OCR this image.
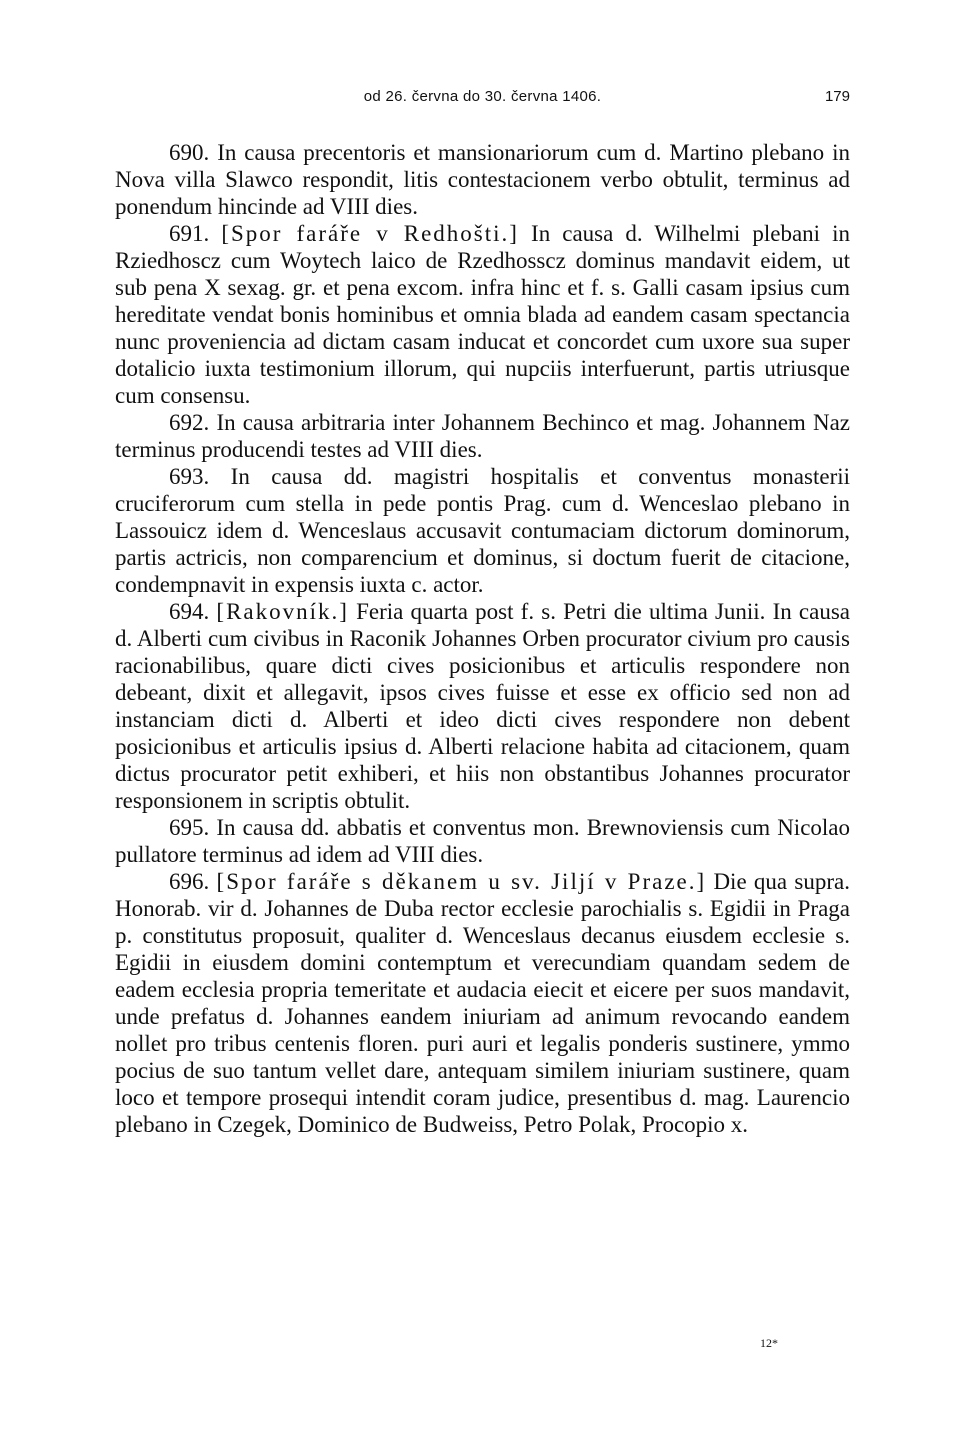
od 26. června do 30. června 1406.	179

690. In causa precentoris et mansionariorum cum d. Martino plebano in Nova villa Slawco respondit, litis contestacionem verbo obtulit, terminus ad ponendum hincinde ad VIII dies.

691. [Spor faráře v Redhošti.] In causa d. Wilhelmi plebani in Rziedhoscz cum Woytech laico de Rzedhossсz dominus mandavit eidem, ut sub pena X sexag. gr. et pena excom. infra hinc et f. s. Galli casam ipsius cum hereditate vendat bonis hominibus et omnia blada ad eandem casam spectancia nunc proveniencia ad dictam casam inducat et concordet cum uxore sua super dotalicio iuxta testimonium illorum, qui nupciis interfuerunt, partis utriusque cum consensu.

692. In causa arbitraria inter Johannem Bechinco et mag. Johannem Naz terminus producendi testes ad VIII dies.

693. In causa dd. magistri hospitalis et conventus monasterii cruciferorum cum stella in pede pontis Prag. cum d. Wenceslao plebano in Lassouicz idem d. Wenceslaus accusavit contumaciam dictorum dominorum, partis actricis, non comparencium et dominus, si doctum fuerit de citacione, condempnavit in expensis iuxta c. actor.

694. [Rakovník.] Feria quarta post f. s. Petri die ultima Junii. In causa d. Alberti cum civibus in Raconik Johannes Orben procurator civium pro causis racionabilibus, quare dicti cives posicionibus et articulis respondere non debeant, dixit et allegavit, ipsos cives fuisse et esse ex officio sed non ad instanciam dicti d. Alberti et ideo dicti cives respondere non debent posicionibus et articulis ipsius d. Alberti relacione habita ad citacionem, quam dictus procurator petit exhiberi, et hiis non obstantibus Johannes procurator responsionem in scriptis obtulit.

695. In causa dd. abbatis et conventus mon. Brewnoviensis cum Nicolao pullatore terminus ad idem ad VIII dies.

696. [Spor faráře s děkanem u sv. Jiljí v Praze.] Die qua supra. Honorab. vir d. Johannes de Duba rector ecclesie parochialis s. Egidii in Praga p. constitutus proposuit, qualiter d. Wenceslaus decanus eiusdem ecclesie s. Egidii in eiusdem domini contemptum et verecundiam quandam sedem de eadem ecclesia propria temeritate et audacia eiecit et eicere per suos mandavit, unde prefatus d. Johannes eandem iniuriam ad animum revocando eandem nollet pro tribus centenis floren. puri auri et legalis ponderis sustinere, ymmo pocius de suo tantum vellet dare, antequam similem iniuriam sustinere, quam loco et tempore prosequi intendit coram judice, presentibus d. mag. Laurencio plebano in Czegek, Dominico de Budweiss, Petro Polak, Procopio x.

12*
